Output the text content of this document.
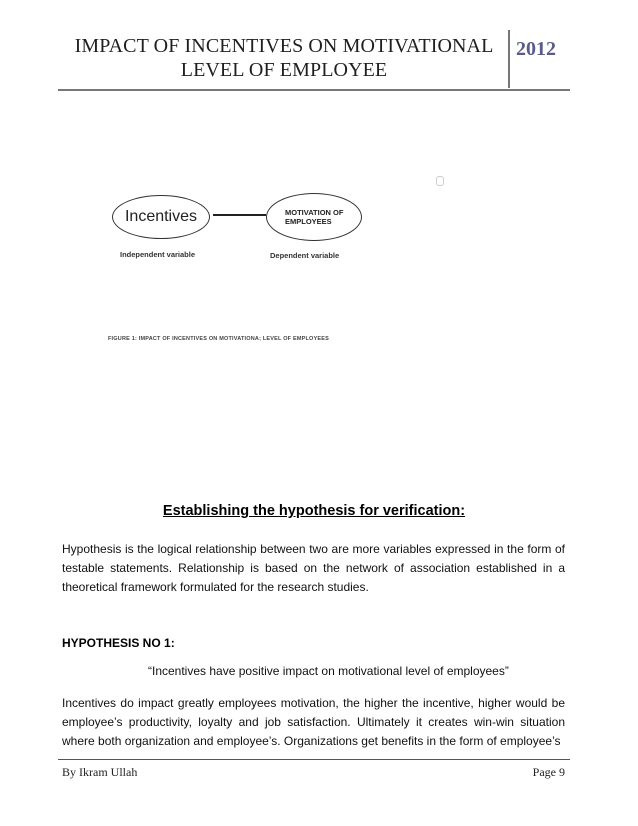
IMPACT OF INCENTIVES ON MOTIVATIONAL LEVEL OF EMPLOYEE
2012
Incentives	MOTIVATION OF EMPLOYEES
Independent variable	Dependent variable
FIGURE 1: IMPACT OF INCENTIVES ON MOTIVATIONA; LEVEL OF EMPLOYEES
Establishing the hypothesis for verification:
Hypothesis is the logical relationship between two are more variables expressed in the form of testable statements. Relationship is based on the network of association established in a theoretical framework formulated for the research studies.
HYPOTHESIS NO 1:
“Incentives have positive impact on motivational level of employees”
Incentives do impact greatly employees motivation, the higher the incentive, higher would be employee’s productivity, loyalty and job satisfaction. Ultimately it creates win-win situation where both organization and employee’s. Organizations get benefits in the form of employee’s
By Ikram Ullah	Page 9
